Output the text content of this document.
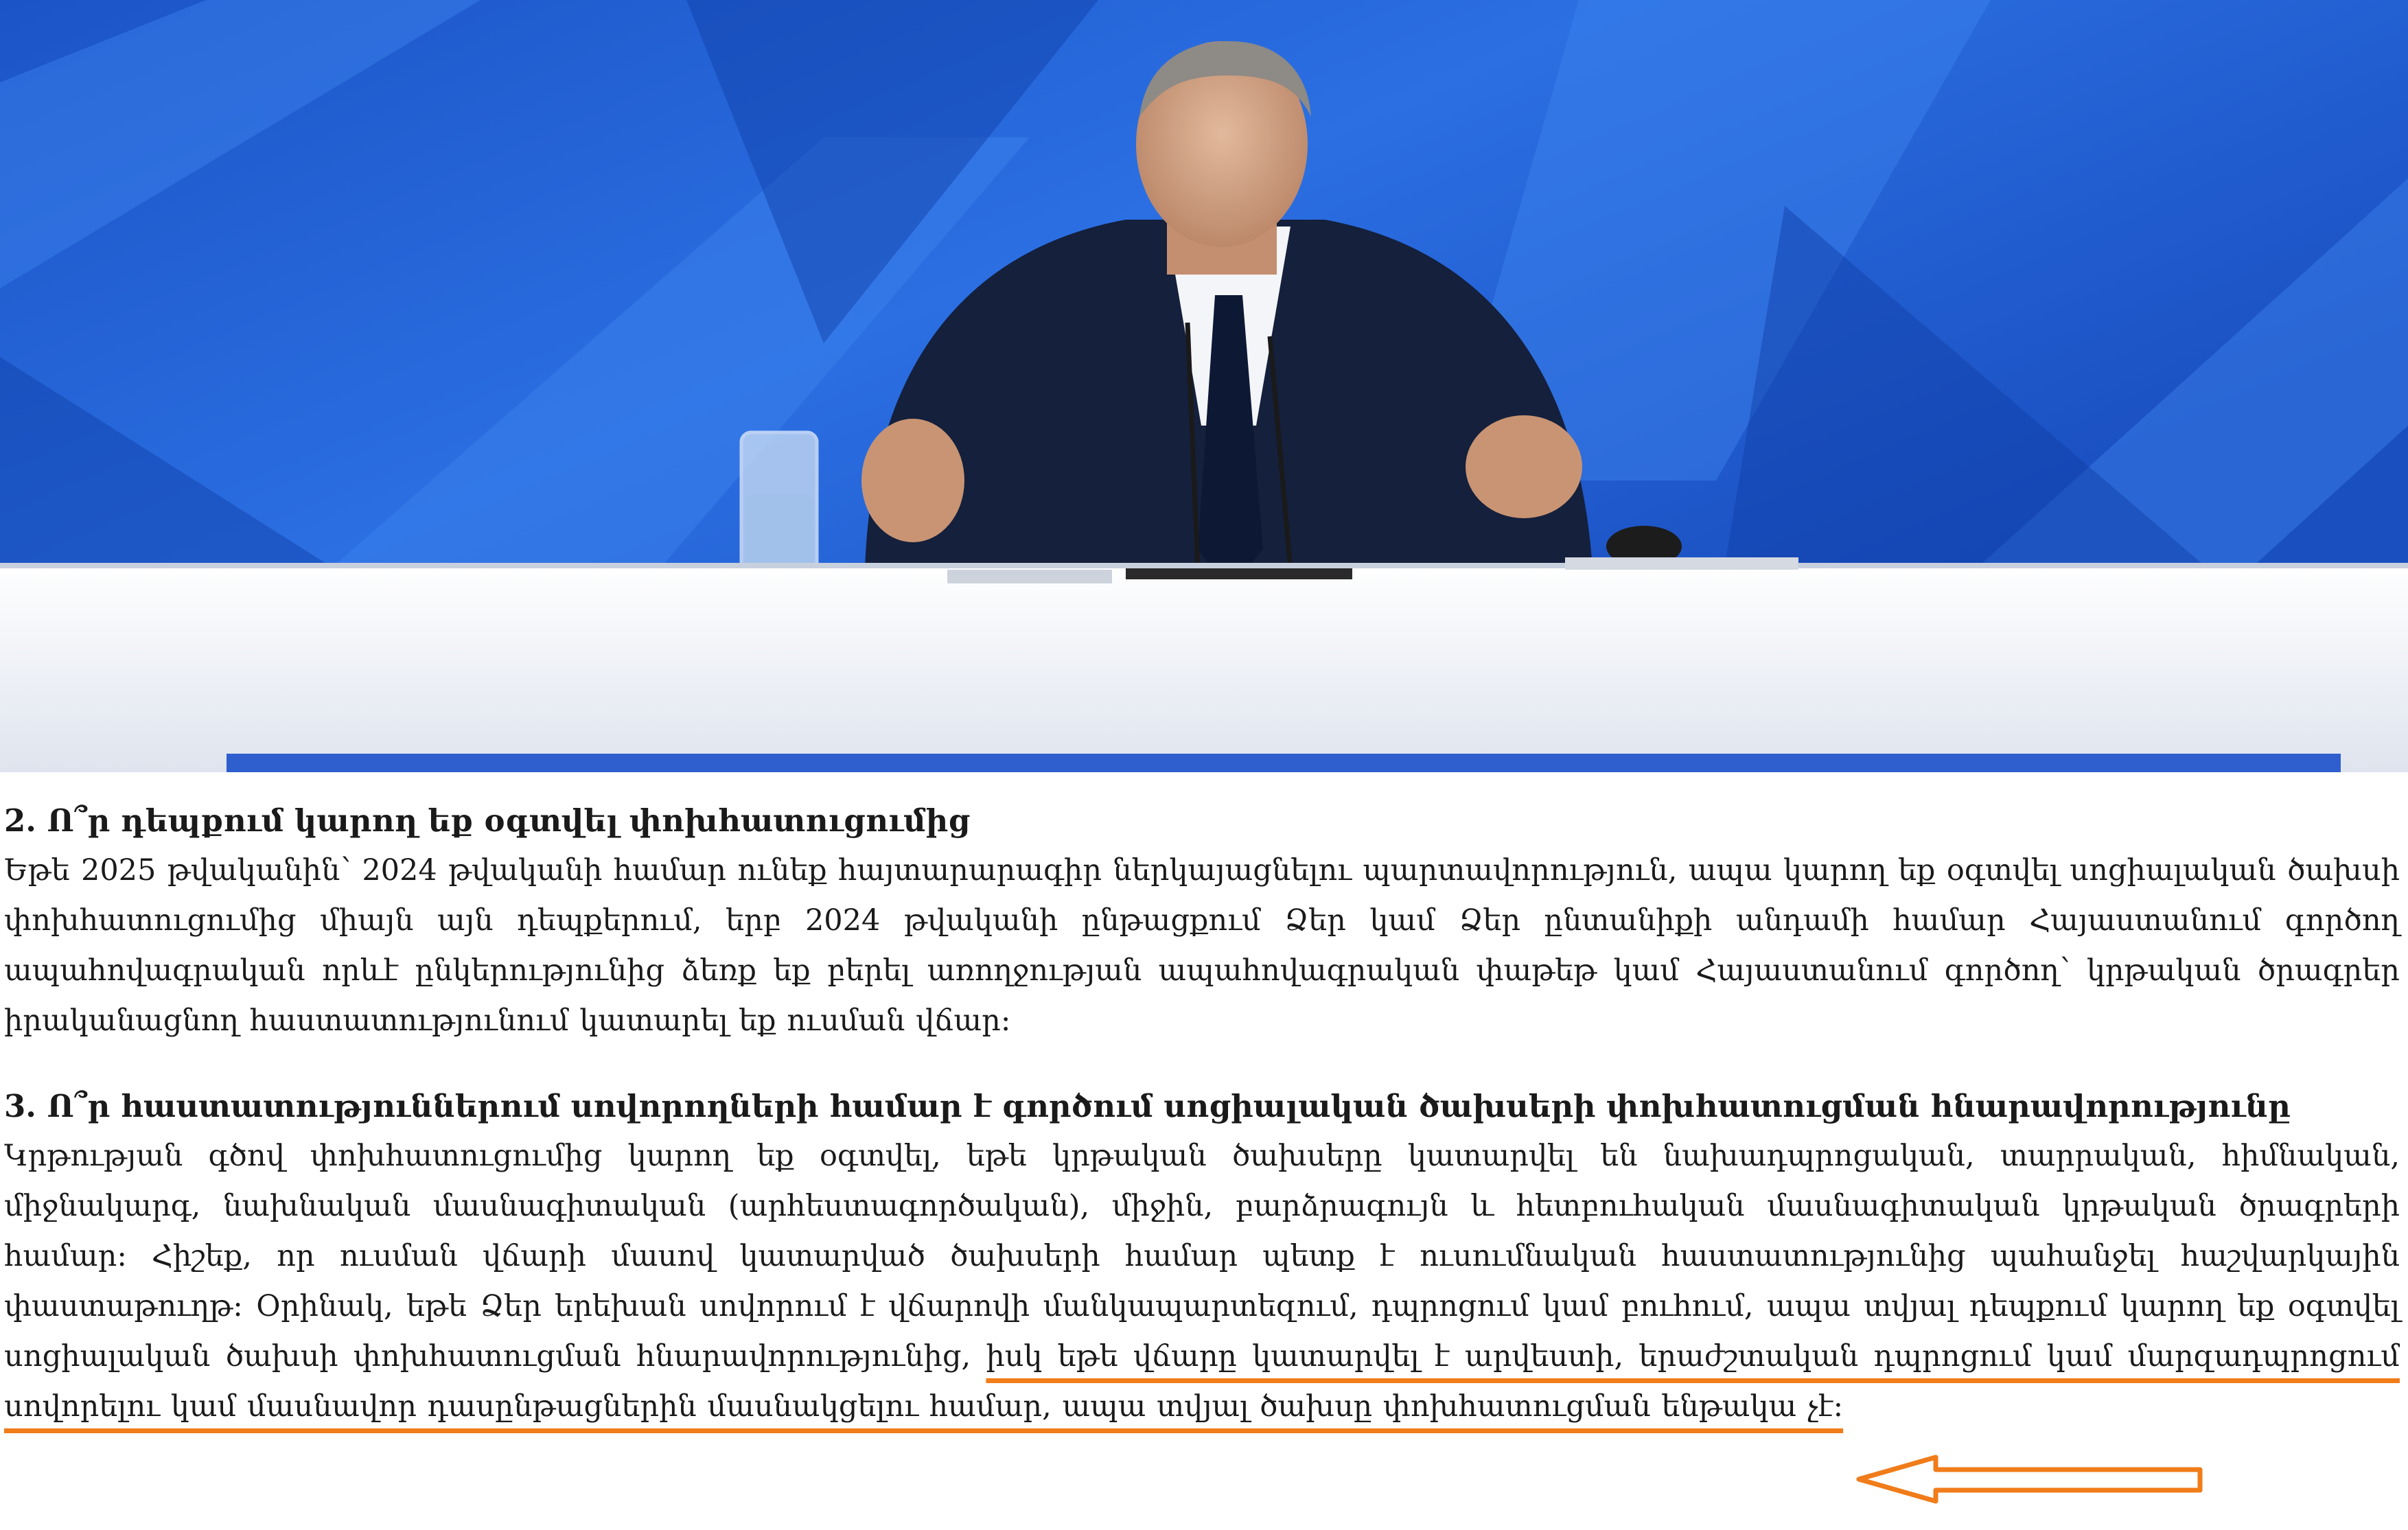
2. Ո՞ր դեպքում կարող եք օգտվել փոխհատուցումից

Եթե 2025 թվականին՝ 2024 թվականի համար ունեք հայտարարագիր ներկայացնելու պարտավորություն, ապա կարող եք օգտվել սոցիալական ծախսի փոխհատուցումից միայն այն դեպքերում, երբ 2024 թվականի ընթացքում Ձեր կամ Ձեր ընտանիքի անդամի համար Հայաստանում գործող ապահովագրական որևէ ընկերությունից ձեռք եք բերել առողջության ապահովագրական փաթեթ կամ Հայաստանում գործող՝ կրթական ծրագրեր իրականացնող հաստատությունում կատարել եք ուսման վճար:

3. Ո՞ր հաստատություններում սովորողների համար է գործում սոցիալական ծախսերի փոխհատուցման հնարավորությունը

Կրթության գծով փոխհատուցումից կարող եք օգտվել, եթե կրթական ծախսերը կատարվել են նախադպրոցական, տարրական, հիմնական, միջնակարգ, նախնական մասնագիտական (արհեստագործական), միջին, բարձրագույն և հետբուհական մասնագիտական կրթական ծրագրերի համար: Հիշեք, որ ուսման վճարի մասով կատարված ծախսերի համար պետք է ուսումնական հաստատությունից պահանջել հաշվարկային փաստաթուղթ: Օրինակ, եթե Ձեր երեխան սովորում է վճարովի մանկապարտեզում, դպրոցում կամ բուհում, ապա տվյալ դեպքում կարող եք օգտվել սոցիալական ծախսի փոխհատուցման հնարավորությունից, իսկ եթե վճարը կատարվել է արվեստի, երաժշտական դպրոցում կամ մարզադպրոցում սովորելու կամ մասնավոր դասընթացներին մասնակցելու համար, ապա տվյալ ծախսը փոխհատուցման ենթակա չէ:
